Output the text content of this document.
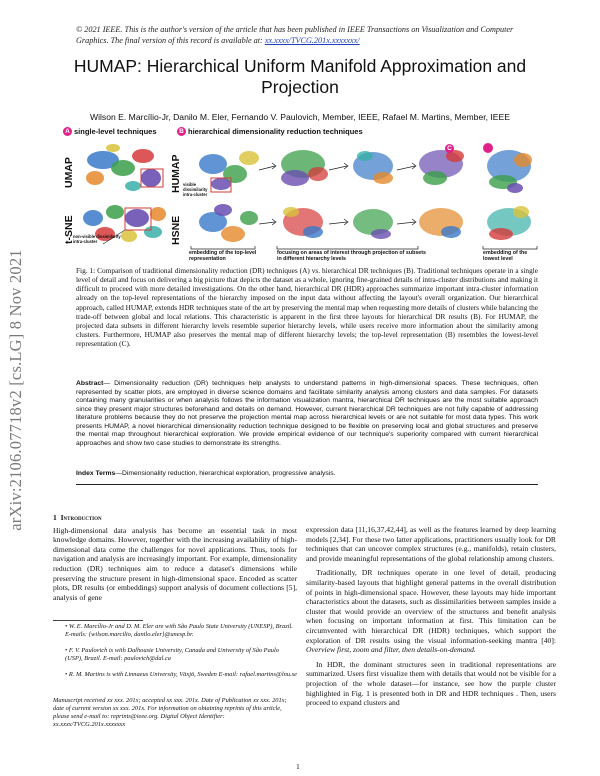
arXiv:2106.07718v2 [cs.LG] 8 Nov 2021
© 2021 IEEE. This is the author's version of the article that has been published in IEEE Transactions on Visualization and Computer Graphics. The final version of this record is available at: xx.xxxx/TVCG.201x.xxxxxxx/
HUMAP: Hierarchical Uniform Manifold Approximation and Projection
Wilson E. Marcílio-Jr, Danilo M. Eler, Fernando V. Paulovich, Member, IEEE, Rafael M. Martins, Member, IEEE
A single-level techniques	B hierarchical dimensionality reduction techniques
UMAP
t-SNE
HUMAP
HSNE
C
non-visible dissimilarity intra-cluster
visible dissimilarity intra-cluster
embedding of the top-level representation
focusing on areas of interest through projection of subsets in different hierarchy levels
embedding of the lowest level
Fig. 1: Comparison of traditional dimensionality reduction (DR) techniques (A) vs. hierarchical DR techniques (B). Traditional techniques operate in a single level of detail and focus on delivering a big picture that depicts the dataset as a whole, ignoring fine-grained details of intra-cluster distributions and making it difficult to proceed with more detailed investigations. On the other hand, hierarchical DR (HDR) approaches summarize important intra-cluster information already on the top-level representations of the hierarchy imposed on the input data without affecting the layout's overall organization. Our hierarchical approach, called HUMAP, extends HDR techniques state of the art by preserving the mental map when requesting more details of clusters while balancing the trade-off between global and local relations. This characteristic is apparent in the first three layouts for hierarchical DR results (B). For HUMAP, the projected data subsets in different hierarchy levels resemble superior hierarchy levels, while users receive more information about the similarity among clusters. Furthermore, HUMAP also preserves the mental map of different hierarchy levels; the top-level representation (B) resembles the lowest-level representation (C).
Abstract— Dimensionality reduction (DR) techniques help analysts to understand patterns in high-dimensional spaces. These techniques, often represented by scatter plots, are employed in diverse science domains and facilitate similarity analysis among clusters and data samples. For datasets containing many granularities or when analysis follows the information visualization mantra, hierarchical DR techniques are the most suitable approach since they present major structures beforehand and details on demand. However, current hierarchical DR techniques are not fully capable of addressing literature problems because they do not preserve the projection mental map across hierarchical levels or are not suitable for most data types. This work presents HUMAP, a novel hierarchical dimensionality reduction technique designed to be flexible on preserving local and global structures and preserve the mental map throughout hierarchical exploration. We provide empirical evidence of our technique's superiority compared with current hierarchical approaches and show two case studies to demonstrate its strengths.
Index Terms—Dimensionality reduction, hierarchical exploration, progressive analysis.
1 Introduction

High-dimensional data analysis has become an essential task in most knowledge domains. However, together with the increasing availability of high-dimensional data come the challenges for novel applications. Thus, tools for navigation and analysis are increasingly important. For example, dimensionality reduction (DR) techniques aim to reduce a dataset's dimensions while preserving the structure present in high-dimensional space. Encoded as scatter plots, DR results (or embeddings) support analysis of document collections [5], analysis of gene

• W. E. Marcílio-Jr and D. M. Eler are with São Paulo State University (UNESP), Brazil. E-mails: {wilson.marcilio, danilo.eler}@unesp.br.
• F. V. Paulovich is with Dalhousie University, Canada and University of São Paulo (USP), Brazil. E-mail: paulovich@dal.ca
• R. M. Martins is with Linnaeus University, Växjö, Sweden E-mail: rafael.martins@lnu.se
Manuscript received xx xxx. 201x; accepted xx xxx. 201x. Date of Publication xx xxx. 201x; date of current version xx xxx. 201x. For information on obtaining reprints of this article, please send e-mail to: reprints@ieee.org. Digital Object Identifier: xx.xxxx/TVCG.201x.xxxxxxx

expression data [11,16,37,42,44], as well as the features learned by deep learning models [2,34]. For these two latter applications, practitioners usually look for DR techniques that can uncover complex structures (e.g., manifolds), retain clusters, and provide meaningful representations of the global relationship among clusters.

Traditionally, DR techniques operate in one level of detail, producing similarity-based layouts that highlight general patterns in the overall distribution of points in high-dimensional space. However, these layouts may hide important characteristics about the datasets, such as dissimilarities between samples inside a cluster that would provide an overview of the structures and benefit analysis when focusing on important information at first. This limitation can be circumvented with hierarchical DR (HDR) techniques, which support the exploration of DR results using the visual information-seeking mantra [40]: Overview first, zoom and filter, then details-on-demand.

In HDR, the dominant structures seen in traditional representations are summarized. Users first visualize them with details that would not be visible for a projection of the whole dataset—for instance, see how the purple cluster highlighted in Fig. 1 is presented both in DR and HDR techniques . Then, users proceed to expand clusters and

1
